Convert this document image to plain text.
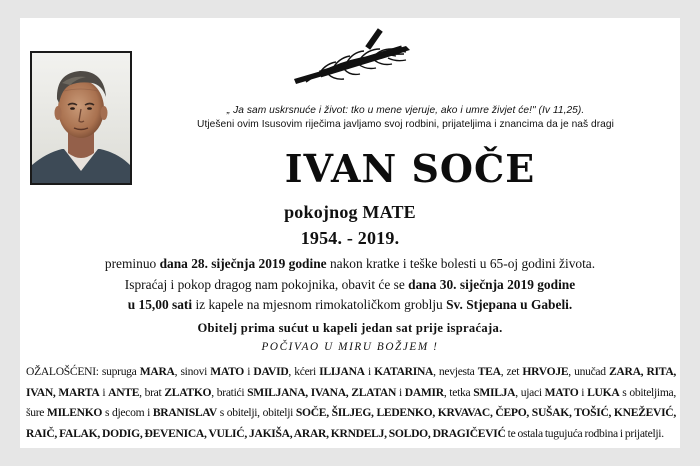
„ Ja sam uskrsnuće i život: tko u mene vjeruje, ako i umre živjet će!" (Iv 11,25).
Utješeni ovim Isusovim riječima javljamo svoj rodbini, prijateljima i znancima da je naš dragi
IVAN SOČE
pokojnog MATE
1954. - 2019.
preminuo dana 28. siječnja 2019 godine nakon kratke i teške bolesti u 65-oj godini života.
Ispraćaj i pokop dragog nam pokojnika, obavit će se dana 30. siječnja 2019 godine
u 15,00 sati iz kapele na mjesnom rimokatoličkom groblju Sv. Stjepana u Gabeli.
Obitelj prima sućut u kapeli jedan sat prije ispraćaja.
POČIVAO U MIRU BOŽJEM !
OŽALOŠĆENI: supruga MARA, sinovi MATO i DAVID, kćeri ILIJANA i KATARINA, nevjesta TEA, zet HRVOJE, unučad ZARA, RITA, IVAN, MARTA i ANTE, brat ZLATKO, bratići SMILJANA, IVANA, ZLATAN i DAMIR, tetka SMILJA, ujaci MATO i LUKA s obiteljima, šure MILENKO s djecom i BRANISLAV s obitelji, obitelji SOČE, ŠILJEG, LEDENKO, KRVAVAC, ČEPO, SUŠAK, TOŠIĆ, KNEŽEVIĆ, RAIČ, FALAK, DODIG, ĐEVENICA, VULIĆ, JAKIŠA, ARAR, KRNDELJ, SOLDO, DRAGIČEVIĆ te ostala tugujuća rodbina i prijatelji.
